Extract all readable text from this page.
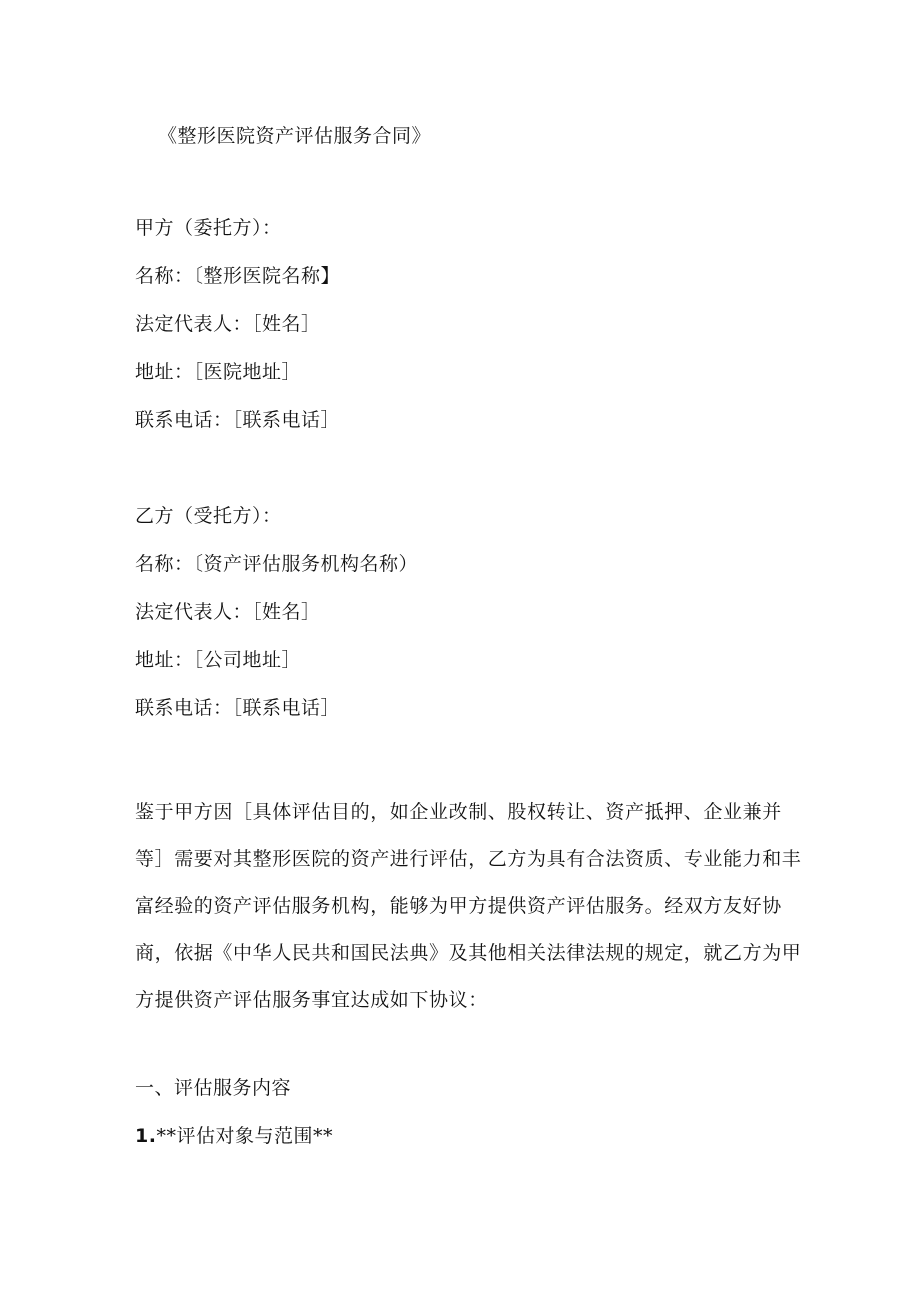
《整形医院资产评估服务合同》
甲方（委托方）：
名称：〔整形医院名称】
法定代表人：［姓名］
地址：［医院地址］
联系电话：［联系电话］
乙方（受托方）：
名称：〔资产评估服务机构名称）
法定代表人：［姓名］
地址：［公司地址］
联系电话：［联系电话］
鉴于甲方因［具体评估目的，如企业改制、股权转让、资产抵押、企业兼并
等］需要对其整形医院的资产进行评估，乙方为具有合法资质、专业能力和丰
富经验的资产评估服务机构，能够为甲方提供资产评估服务。经双方友好协
商，依据《中华人民共和国民法典》及其他相关法律法规的规定，就乙方为甲
方提供资产评估服务事宜达成如下协议：
一、评估服务内容
1.**评估对象与范围**
